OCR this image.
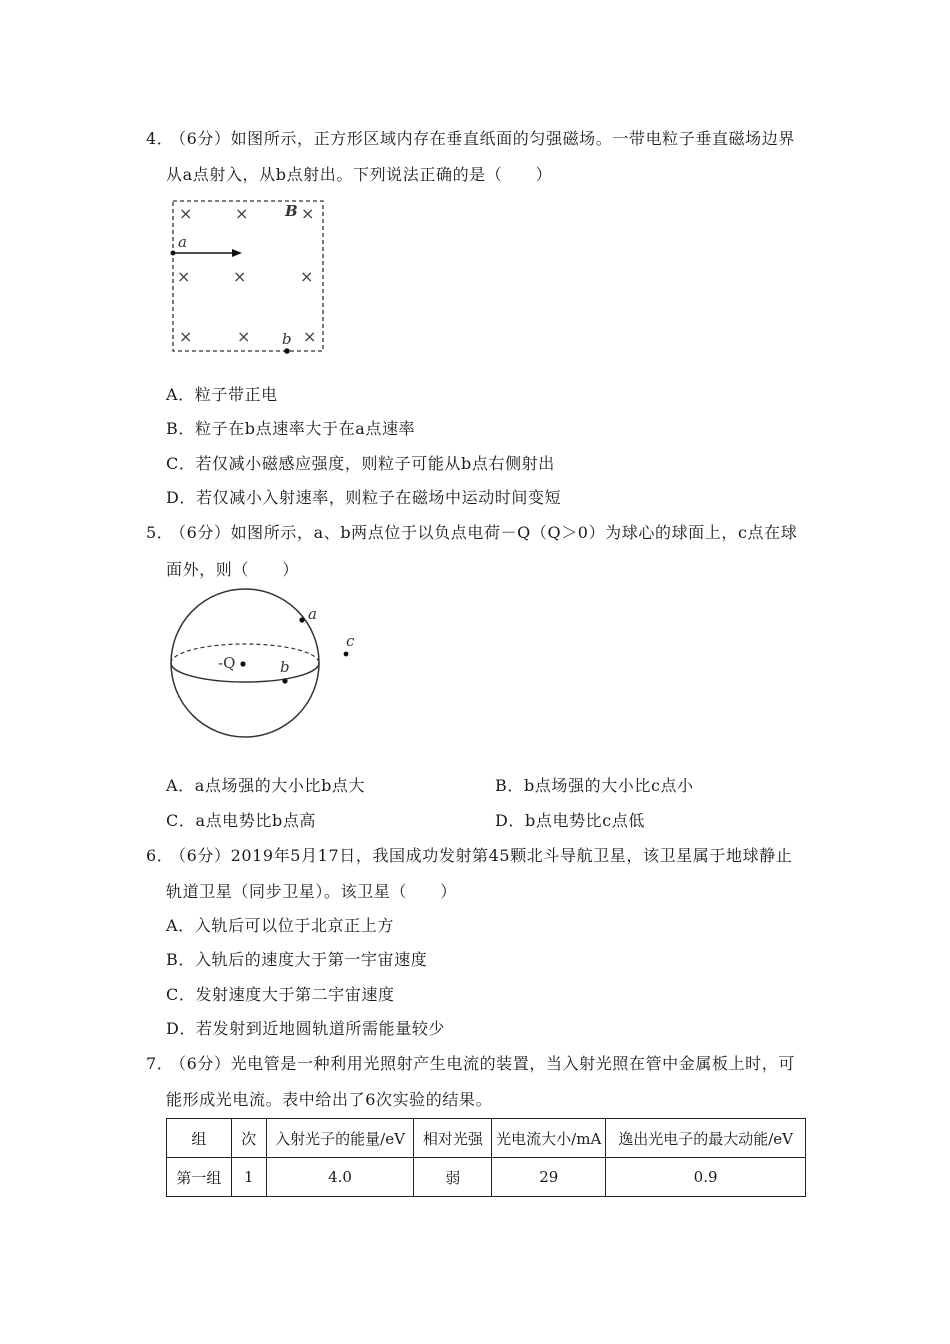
4．（6分）如图所示，正方形区域内存在垂直纸面的匀强磁场。一带电粒子垂直磁场边界
从a点射入，从b点射出。下列说法正确的是（　　）
×	×	×
×	×	×
×	×	×
B
a
b
A．粒子带正电
B．粒子在b点速率大于在a点速率
C．若仅减小磁感应强度，则粒子可能从b点右侧射出
D．若仅减小入射速率，则粒子在磁场中运动时间变短
5．（6分）如图所示，a、b两点位于以负点电荷－Q（Q＞0）为球心的球面上，c点在球
面外，则（　　）
-Q
a
b
c
A．a点场强的大小比b点大	B．b点场强的大小比c点小
C．a点电势比b点高	D．b点电势比c点低
6．（6分）2019年5月17日，我国成功发射第45颗北斗导航卫星，该卫星属于地球静止
轨道卫星（同步卫星）。该卫星（　　）
A．入轨后可以位于北京正上方
B．入轨后的速度大于第一宇宙速度
C．发射速度大于第二宇宙速度
D．若发射到近地圆轨道所需能量较少
7．（6分）光电管是一种利用光照射产生电流的装置，当入射光照在管中金属板上时，可
能形成光电流。表中给出了6次实验的结果。
组	次	入射光子的能量/eV	相对光强	光电流大小/mA	逸出光电子的最大动能/eV
第一组	1	4.0	弱	29	0.9
